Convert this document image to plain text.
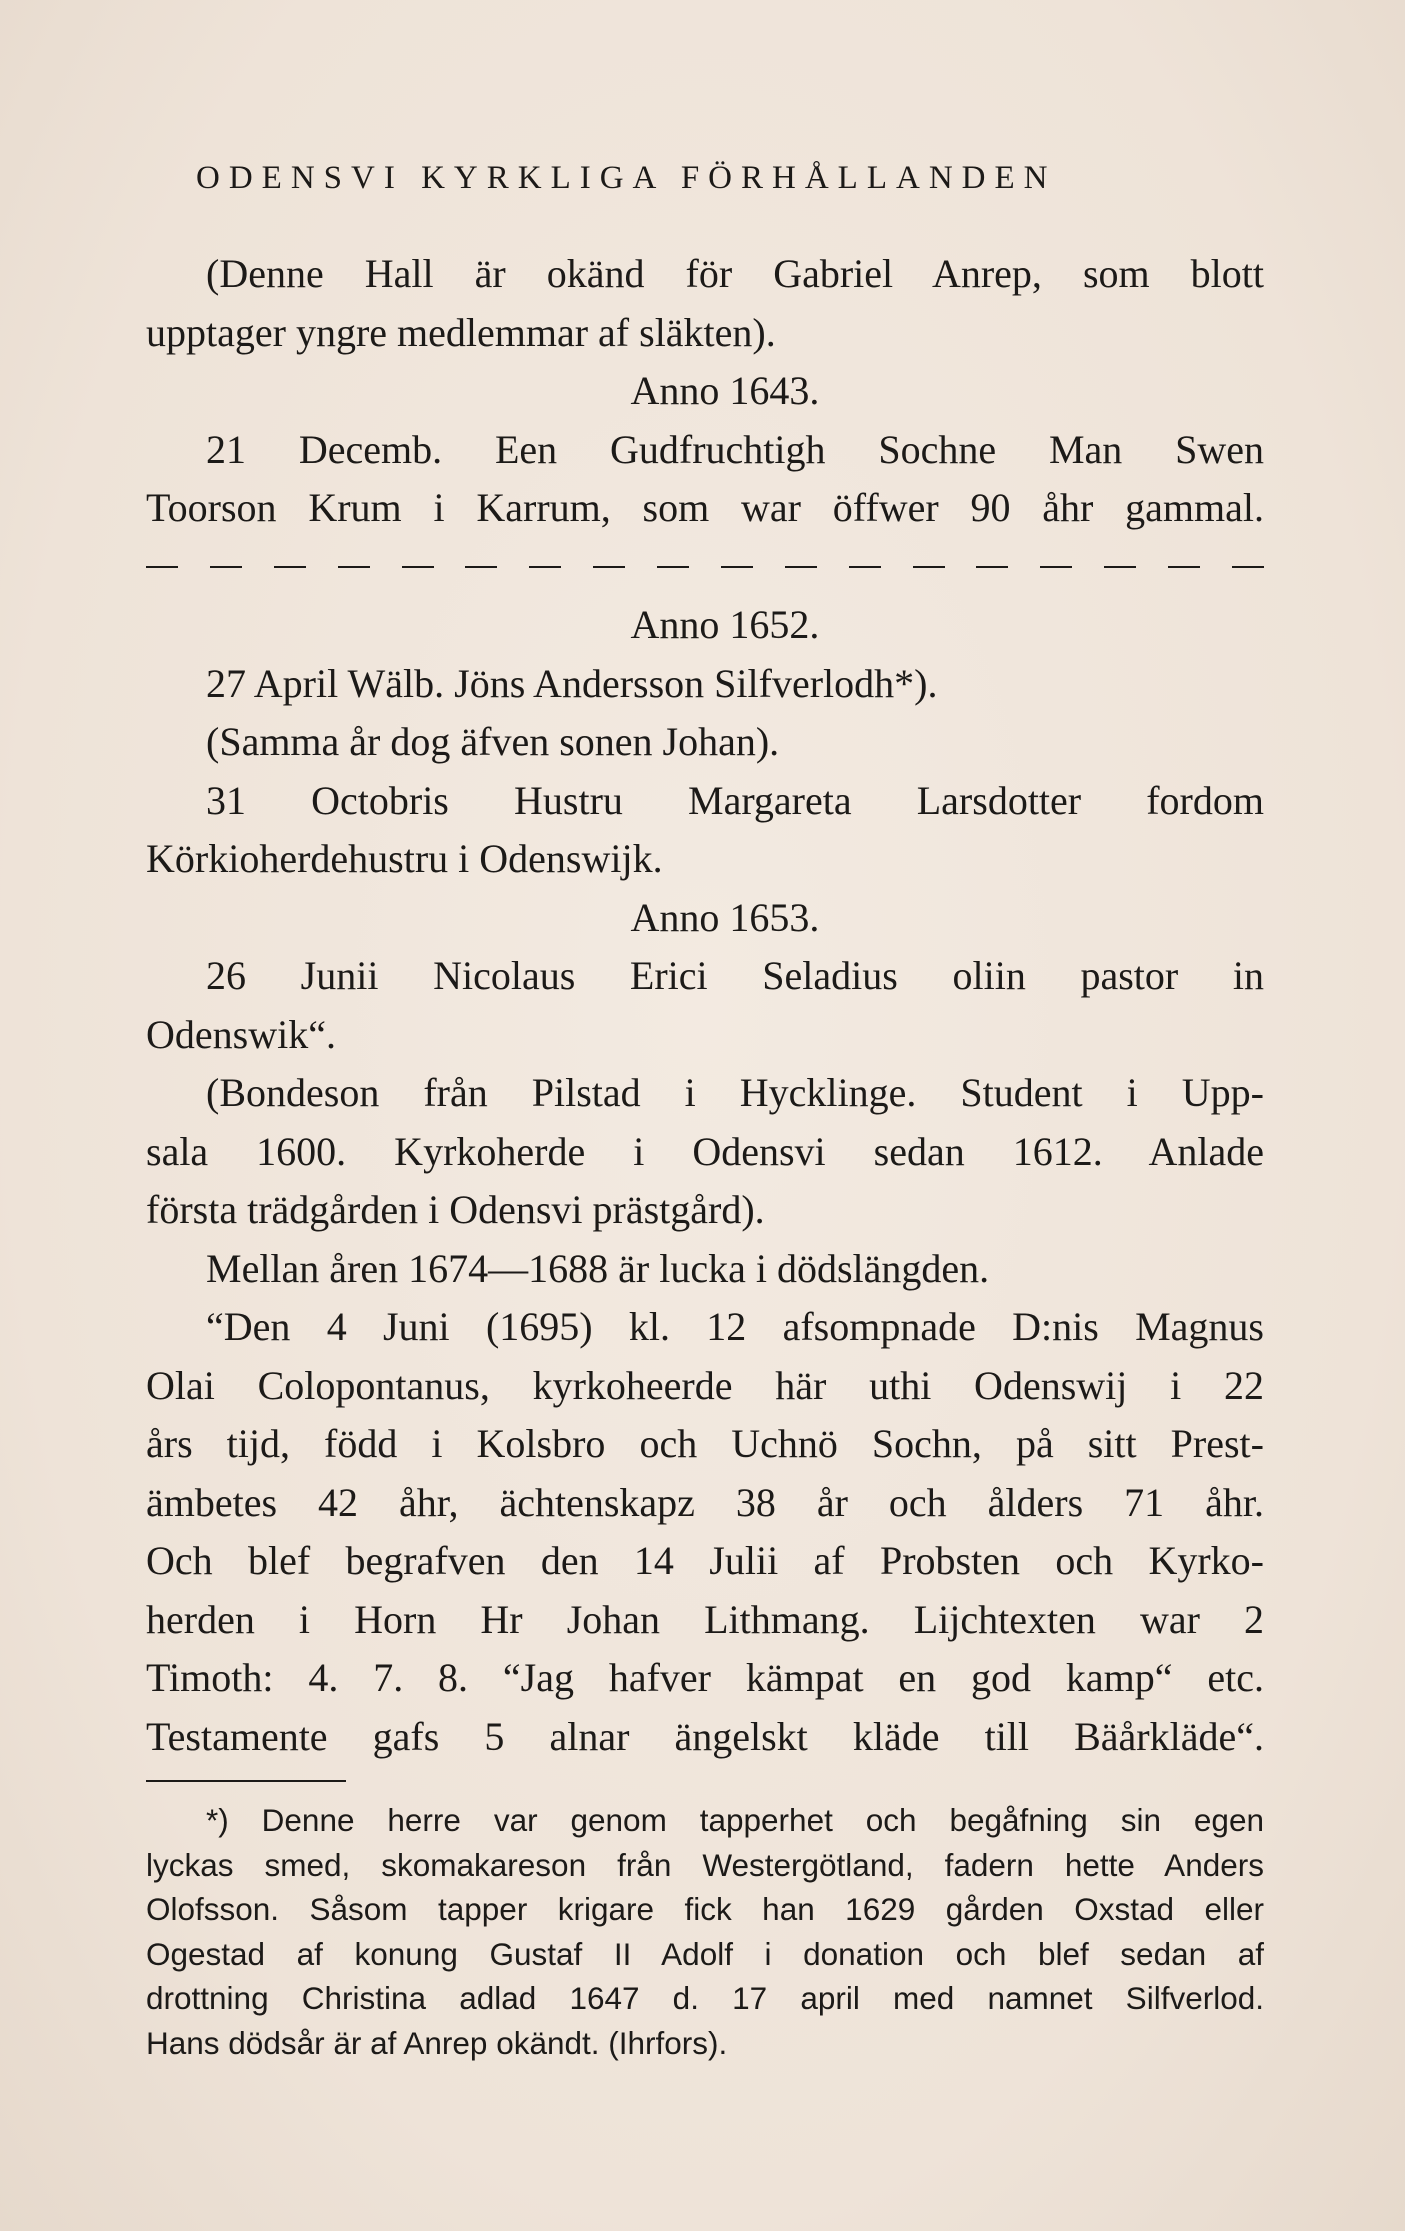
ODENSVI KYRKLIGA FÖRHÅLLANDEN
(Denne Hall är okänd för Gabriel Anrep, som blott
upptager yngre medlemmar af släkten).
Anno 1643.
21 Decemb. Een Gudfruchtigh Sochne Man Swen
Toorson Krum i Karrum, som war öffwer 90 åhr gammal.
Anno 1652.
27 April Wälb. Jöns Andersson Silfverlodh*).
(Samma år dog äfven sonen Johan).
31 Octobris Hustru Margareta Larsdotter fordom
Körkioherdehustru i Odenswijk.
Anno 1653.
26 Junii Nicolaus Erici Seladius oliin pastor in
Odenswik“.
(Bondeson från Pilstad i Hycklinge. Student i Upp-
sala 1600. Kyrkoherde i Odensvi sedan 1612. Anlade
första trädgården i Odensvi prästgård).
Mellan åren 1674—1688 är lucka i dödslängden.
“Den 4 Juni (1695) kl. 12 afsompnade D:nis Magnus
Olai Colopontanus, kyrkoheerde här uthi Odenswij i 22
års tijd, född i Kolsbro och Uchnö Sochn, på sitt Prest-
ämbetes 42 åhr, ächtenskapz 38 år och ålders 71 åhr.
Och blef begrafven den 14 Julii af Probsten och Kyrko-
herden i Horn Hr Johan Lithmang. Lijchtexten war 2
Timoth: 4. 7. 8. “Jag hafver kämpat en god kamp“ etc.
Testamente gafs 5 alnar ängelskt kläde till Bäårkläde“.
*) Denne herre var genom tapperhet och begåfning sin egen
lyckas smed, skomakareson från Westergötland, fadern hette Anders
Olofsson. Såsom tapper krigare fick han 1629 gården Oxstad eller
Ogestad af konung Gustaf II Adolf i donation och blef sedan af
drottning Christina adlad 1647 d. 17 april med namnet Silfverlod.
Hans dödsår är af Anrep okändt. (Ihrfors).
